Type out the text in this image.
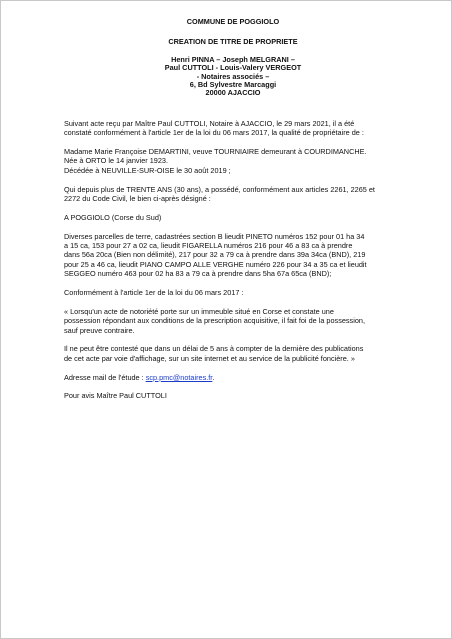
COMMUNE DE POGGIOLO
CREATION DE TITRE DE PROPRIETE
Henri PINNA – Joseph MELGRANI –
Paul CUTTOLI - Louis-Valery VERGEOT
- Notaires associés –
6, Bd Sylvestre Marcaggi
20000 AJACCIO

Suivant acte reçu par Maître Paul CUTTOLI, Notaire à AJACCIO, le 29 mars 2021, il a été
constaté conformément à l'article 1er de la loi du 06 mars 2017, la qualité de propriétaire de :

Madame Marie Françoise DEMARTINI, veuve TOURNIAIRE demeurant à COURDIMANCHE.
Née à ORTO le 14 janvier 1923.
Décédée à NEUVILLE-SUR-OISE le 30 août 2019 ;

Qui depuis plus de TRENTE ANS (30 ans), a possédé, conformément aux articles 2261, 2265 et
2272 du Code Civil, le bien ci-après désigné :

A POGGIOLO (Corse du Sud)

Diverses parcelles de terre, cadastrées section B lieudit PINETO numéros 152 pour 01 ha 34
a 15 ca, 153 pour 27 a 02 ca, lieudit FIGARELLA numéros 216 pour 46 a 83 ca à prendre
dans 56a 20ca (Bien non délimité), 217 pour 32 a 79 ca à prendre dans 39a 34ca (BND), 219
pour 25 a 46 ca, lieudit PIANO CAMPO ALLE VERGHE numéro 226 pour 34 a 35 ca et lieudit
SEGGEO numéro 463 pour 02 ha 83 a 79 ca à prendre dans 5ha 67a 65ca (BND);

Conformément à l'article 1er de la loi du 06 mars 2017 :

« Lorsqu'un acte de notoriété porte sur un immeuble situé en Corse et constate une
possession répondant aux conditions de la prescription acquisitive, il fait foi de la possession,
sauf preuve contraire.

Il ne peut être contesté que dans un délai de 5 ans à compter de la dernière des publications
de cet acte par voie d'affichage, sur un site internet et au service de la publicité foncière. »

Adresse mail de l'étude : scp.pmc@notaires.fr.

Pour avis Maître Paul CUTTOLI
